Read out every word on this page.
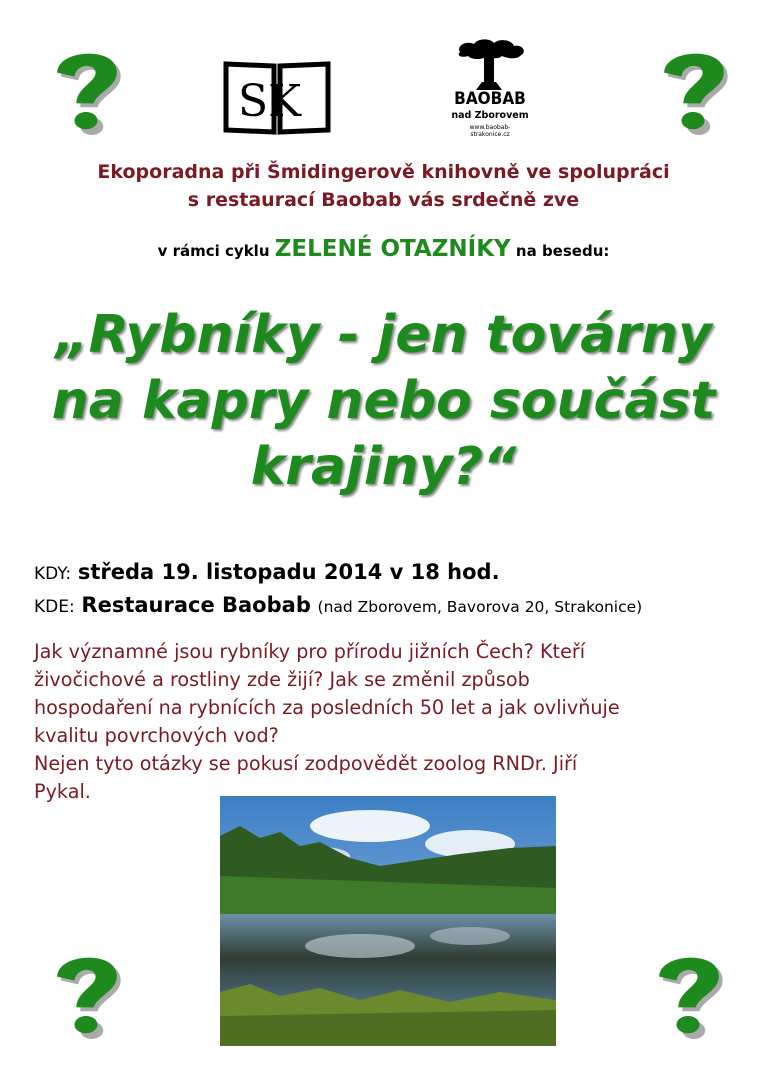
SK	BAOBAB
nad Zborovem
www.baobab-strakonice.cz
Ekoporadna při Šmidingerově knihovně ve spolupráci
s restaurací Baobab vás srdečně zve
v rámci cyklu ZELENÉ OTAZNÍKY na besedu:
„Rybníky - jen továrny
na kapry nebo součást
krajiny?“
KDY: středa 19. listopadu 2014 v 18 hod.
KDE: Restaurace Baobab (nad Zborovem, Bavorova 20, Strakonice)

Jak významné jsou rybníky pro přírodu jižních Čech? Kteří

živočichové a rostliny zde žijí? Jak se změnil způsob

hospodaření na rybnících za posledních 50 let a jak ovlivňuje

kvalitu povrchových vod?

Nejen tyto otázky se pokusí zodpovědět zoolog RNDr. Jiří

Pykal.
